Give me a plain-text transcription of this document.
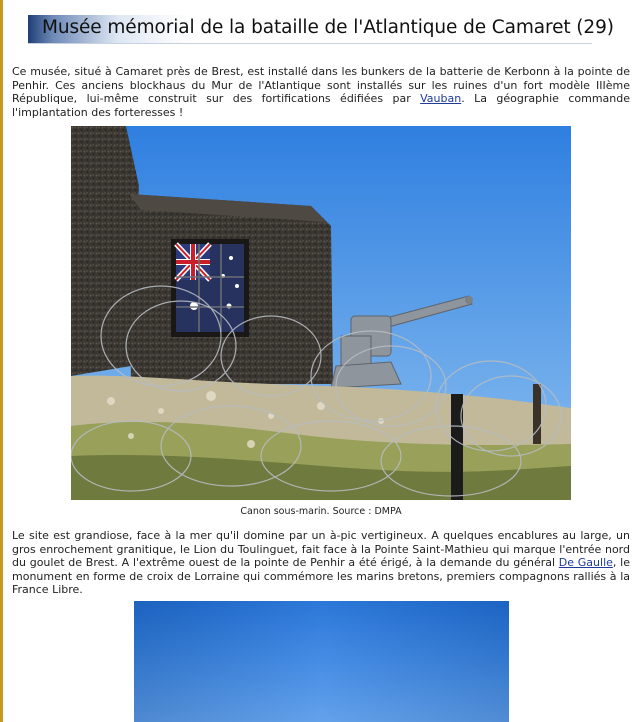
Musée mémorial de la bataille de l'Atlantique de Camaret (29)

Ce musée, situé à Camaret près de Brest, est installé dans les bunkers de la batterie de Kerbonn à la pointe de Penhir. Ces anciens blockhaus du Mur de l'Atlantique sont installés sur les ruines d'un fort modèle IIIème République, lui-même construit sur des fortifications édifiées par Vauban. La géographie commande l'implantation des forteresses !

Canon sous-marin. Source : DMPA

Le site est grandiose, face à la mer qu'il domine par un à-pic vertigineux. A quelques encablures au large, un gros enrochement granitique, le Lion du Toulinguet, fait face à la Pointe Saint-Mathieu qui marque l'entrée nord du goulet de Brest. A l'extrême ouest de la pointe de Penhir a été érigé, à la demande du général De Gaulle, le monument en forme de croix de Lorraine qui commémore les marins bretons, premiers compagnons ralliés à la France Libre.
